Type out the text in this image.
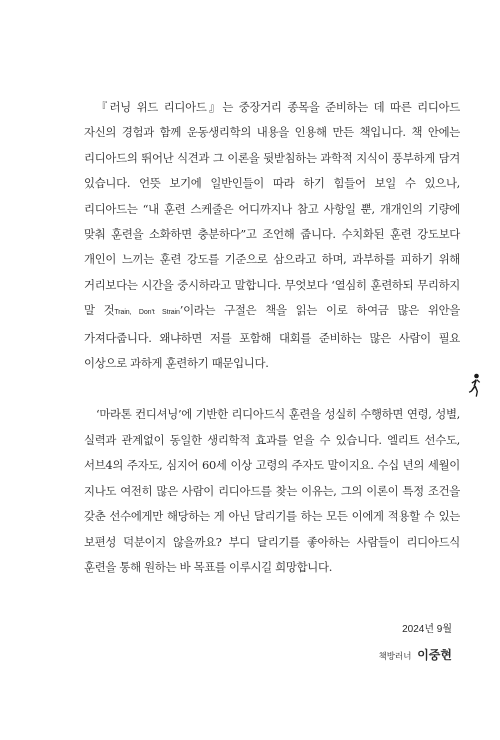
『러닝 위드 리디아드』는 중장거리 종목을 준비하는 데 따른 리디아드 자신의 경험과 함께 운동생리학의 내용을 인용해 만든 책입니다. 책 안에는 리디아드의 뛰어난 식견과 그 이론을 뒷받침하는 과학적 지식이 풍부하게 담겨 있습니다. 언뜻 보기에 일반인들이 따라 하기 힘들어 보일 수 있으나, 리디아드는 “내 훈련 스케줄은 어디까지나 참고 사항일 뿐, 개개인의 기량에 맞춰 훈련을 소화하면 충분하다”고 조언해 줍니다. 수치화된 훈련 강도보다 개인이 느끼는 훈련 강도를 기준으로 삼으라고 하며, 과부하를 피하기 위해 거리보다는 시간을 중시하라고 말합니다. 무엇보다 ‘열심히 훈련하되 무리하지 말 것Train, Don't Strain’이라는 구절은 책을 읽는 이로 하여금 많은 위안을 가져다줍니다. 왜냐하면 저를 포함해 대회를 준비하는 많은 사람이 필요 이상으로 과하게 훈련하기 때문입니다.

‘마라톤 컨디셔닝’에 기반한 리디아드식 훈련을 성실히 수행하면 연령, 성별, 실력과 관계없이 동일한 생리학적 효과를 얻을 수 있습니다. 엘리트 선수도, 서브4의 주자도, 심지어 60세 이상 고령의 주자도 말이지요. 수십 년의 세월이 지나도 여전히 많은 사람이 리디아드를 찾는 이유는, 그의 이론이 특정 조건을 갖춘 선수에게만 해당하는 게 아닌 달리기를 하는 모든 이에게 적용할 수 있는 보편성 덕분이지 않을까요? 부디 달리기를 좋아하는 사람들이 리디아드식 훈련을 통해 원하는 바 목표를 이루시길 희망합니다.

2024년 9월
책방러너 이중현
